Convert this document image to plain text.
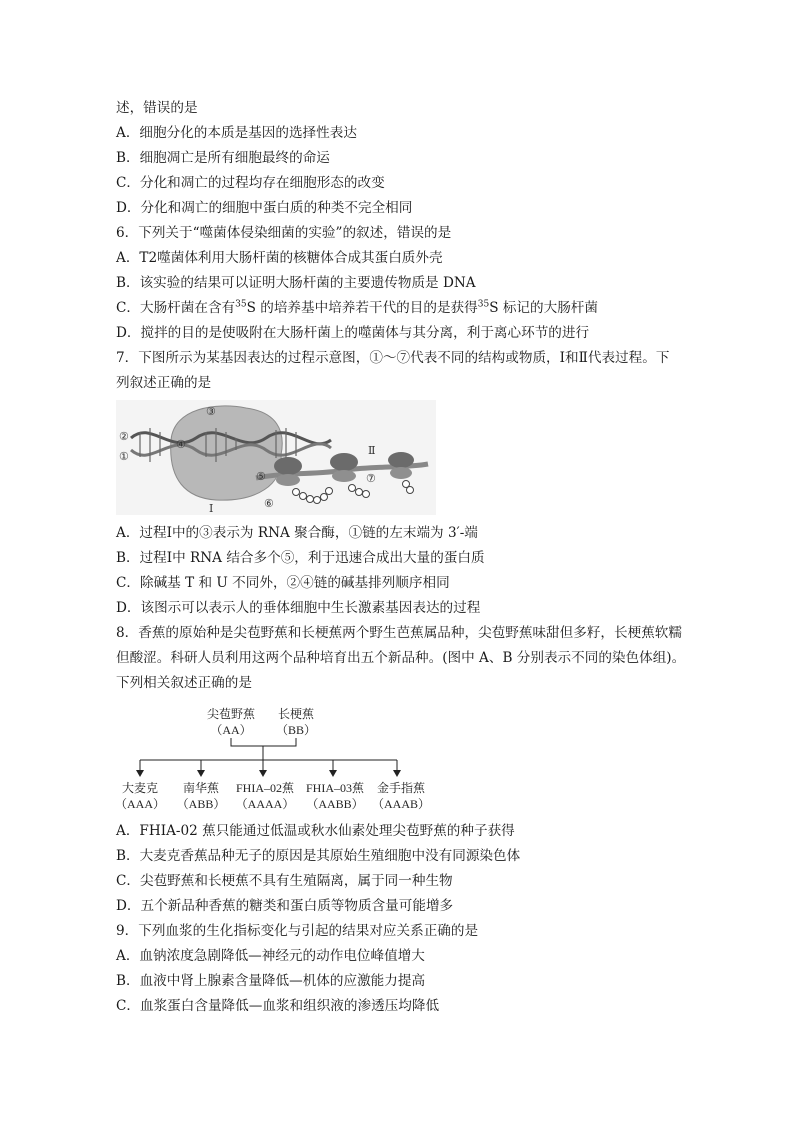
述，错误的是
A．细胞分化的本质是基因的选择性表达
B．细胞凋亡是所有细胞最终的命运
C．分化和凋亡的过程均存在细胞形态的改变
D．分化和凋亡的细胞中蛋白质的种类不完全相同
6．下列关于“噬菌体侵染细菌的实验”的叙述，错误的是
A．T2噬菌体利用大肠杆菌的核糖体合成其蛋白质外壳
B．该实验的结果可以证明大肠杆菌的主要遗传物质是 DNA
C．大肠杆菌在含有$^{35}$S 的培养基中培养若干代的目的是获得$^{35}$S 标记的大肠杆菌
D．搅拌的目的是使吸附在大肠杆菌上的噬菌体与其分离，利于离心环节的进行
7．下图所示为某基因表达的过程示意图，①～⑦代表不同的结构或物质，Ⅰ和Ⅱ代表过程。下
列叙述正确的是
②
①
④
③
⑤
⑥
⑦
Ⅰ
Ⅱ
A．过程Ⅰ中的③表示为 RNA 聚合酶，①链的左末端为 3′-端
B．过程Ⅰ中 RNA 结合多个⑤，利于迅速合成出大量的蛋白质
C．除碱基 T 和 U 不同外，②④链的碱基排列顺序相同
D．该图示可以表示人的垂体细胞中生长激素基因表达的过程
8．香蕉的原始种是尖苞野蕉和长梗蕉两个野生芭蕉属品种，尖苞野蕉味甜但多籽，长梗蕉软糯
但酸涩。科研人员利用这两个品种培育出五个新品种。(图中 A、B 分别表示不同的染色体组)。
下列相关叙述正确的是
尖苞野蕉
（AA）
长梗蕉
（BB）
大麦克
（AAA）
南华蕉
（ABB）
FHIA–02蕉
（AAAA）
FHIA–03蕉
（AABB）
金手指蕉
（AAAB）
A．FHIA-02 蕉只能通过低温或秋水仙素处理尖苞野蕉的种子获得
B．大麦克香蕉品种无子的原因是其原始生殖细胞中没有同源染色体
C．尖苞野蕉和长梗蕉不具有生殖隔离，属于同一种生物
D．五个新品种香蕉的糖类和蛋白质等物质含量可能增多
9．下列血浆的生化指标变化与引起的结果对应关系正确的是
A．血钠浓度急剧降低—神经元的动作电位峰值增大
B．血液中肾上腺素含量降低—机体的应激能力提高
C．血浆蛋白含量降低—血浆和组织液的渗透压均降低
